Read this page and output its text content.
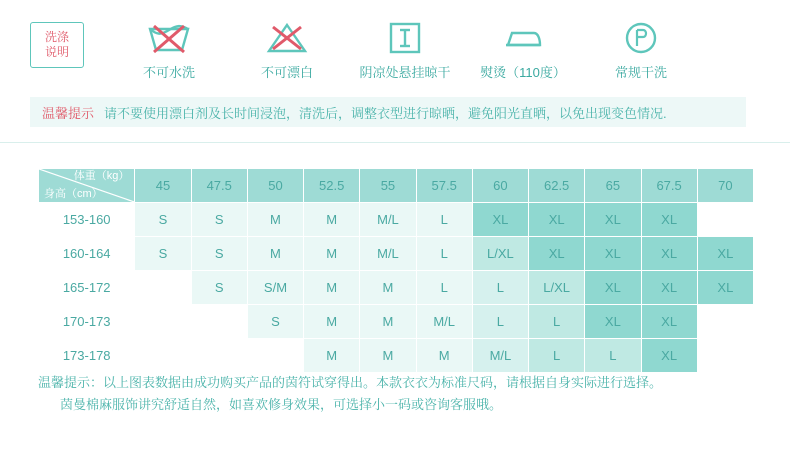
洗涤
说明
不可水洗	不可漂白	阴凉处悬挂晾干 熨烫（110度）	常规干洗
温馨提示 请不要使用漂白剂及长时间浸泡，清洗后，调整衣型进行晾晒，避免阳光直晒，以免出现变色情况.
体重（kg）
身高（cm）	45	47.5	50	52.5	55	57.5	60	62.5	65	67.5	70
153-160	S	S	M	M	M/L	L	XL	XL	XL	XL	
160-164	S	S	M	M	M/L	L	L/XL	XL	XL	XL	XL
165-172		S	S/M	M	M	L	L	L/XL	XL	XL	XL
170-173			S	M	M	M/L	L	L	XL	XL	
173-178				M	M	M	M/L	L	L	XL	
温馨提示：以上图表数据由成功购买产品的茵符试穿得出。本款衣衣为标准尺码，请根据自身实际进行选择。
茵曼棉麻服饰讲究舒适自然，如喜欢修身效果，可选择小一码或咨询客服哦。
